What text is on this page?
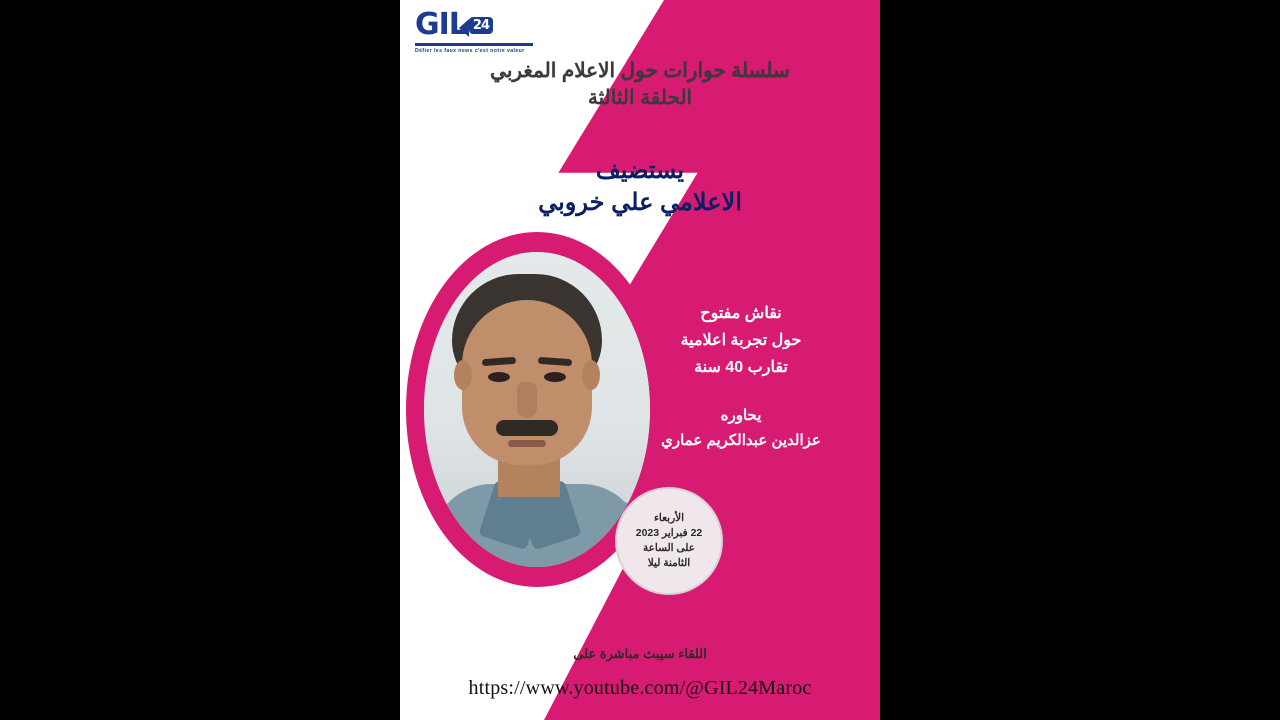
GIL 24
Défier les faux news c'est notre valeur
سلسلة حوارات حول الاعلام المغربي
الحلقة الثالثة
يستضيف
الاعلامي علي خروبي
نقاش مفتوح
حول تجربة اعلامية
تقارب 40 سنة
يحاوره
عزالدين عبدالكريم عماري
الأربعاء
22 فبراير 2023
على الساعة
الثامنة ليلا
اللقاء سيبث مباشرة على
https://www.youtube.com/@GIL24Maroc
